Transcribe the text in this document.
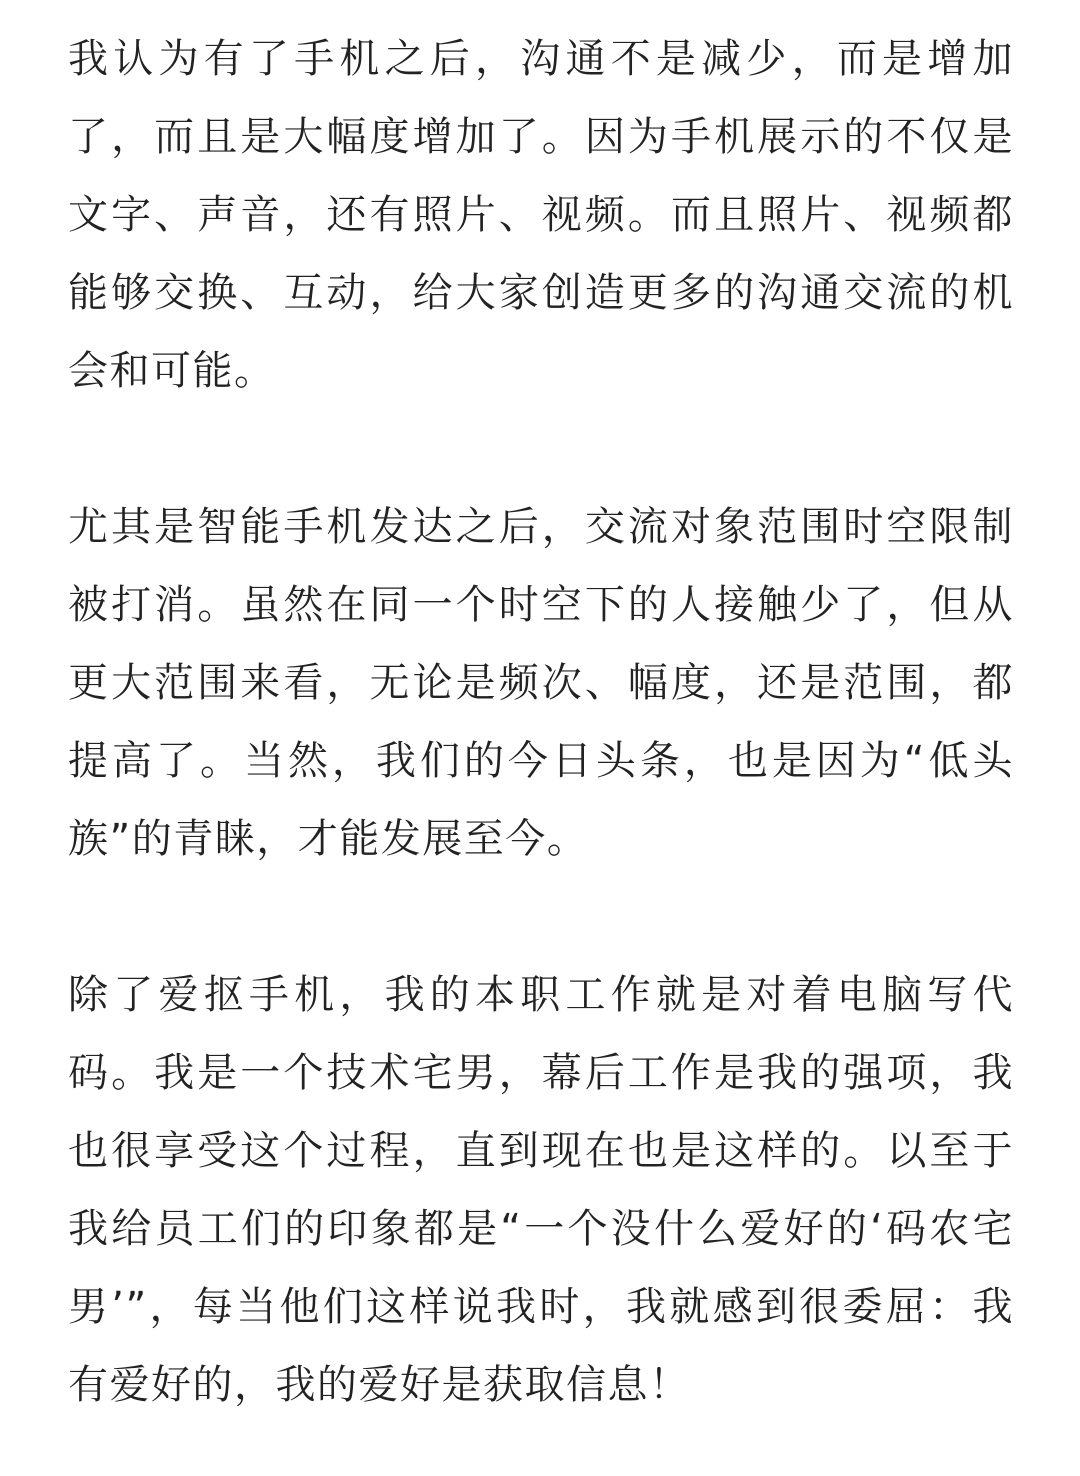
我认为有了手机之后，沟通不是减少，而是增加了，而且是大幅度增加了。因为手机展示的不仅是文字、声音，还有照片、视频。而且照片、视频都能够交换、互动，给大家创造更多的沟通交流的机会和可能。

尤其是智能手机发达之后，交流对象范围时空限制被打消。虽然在同一个时空下的人接触少了，但从更大范围来看，无论是频次、幅度，还是范围，都提高了。当然，我们的今日头条，也是因为“低头族”的青睐，才能发展至今。

除了爱抠手机，我的本职工作就是对着电脑写代码。我是一个技术宅男，幕后工作是我的强项，我也很享受这个过程，直到现在也是这样的。以至于我给员工们的印象都是“一个没什么爱好的‘码农宅男’”，每当他们这样说我时，我就感到很委屈：我有爱好的，我的爱好是获取信息！
